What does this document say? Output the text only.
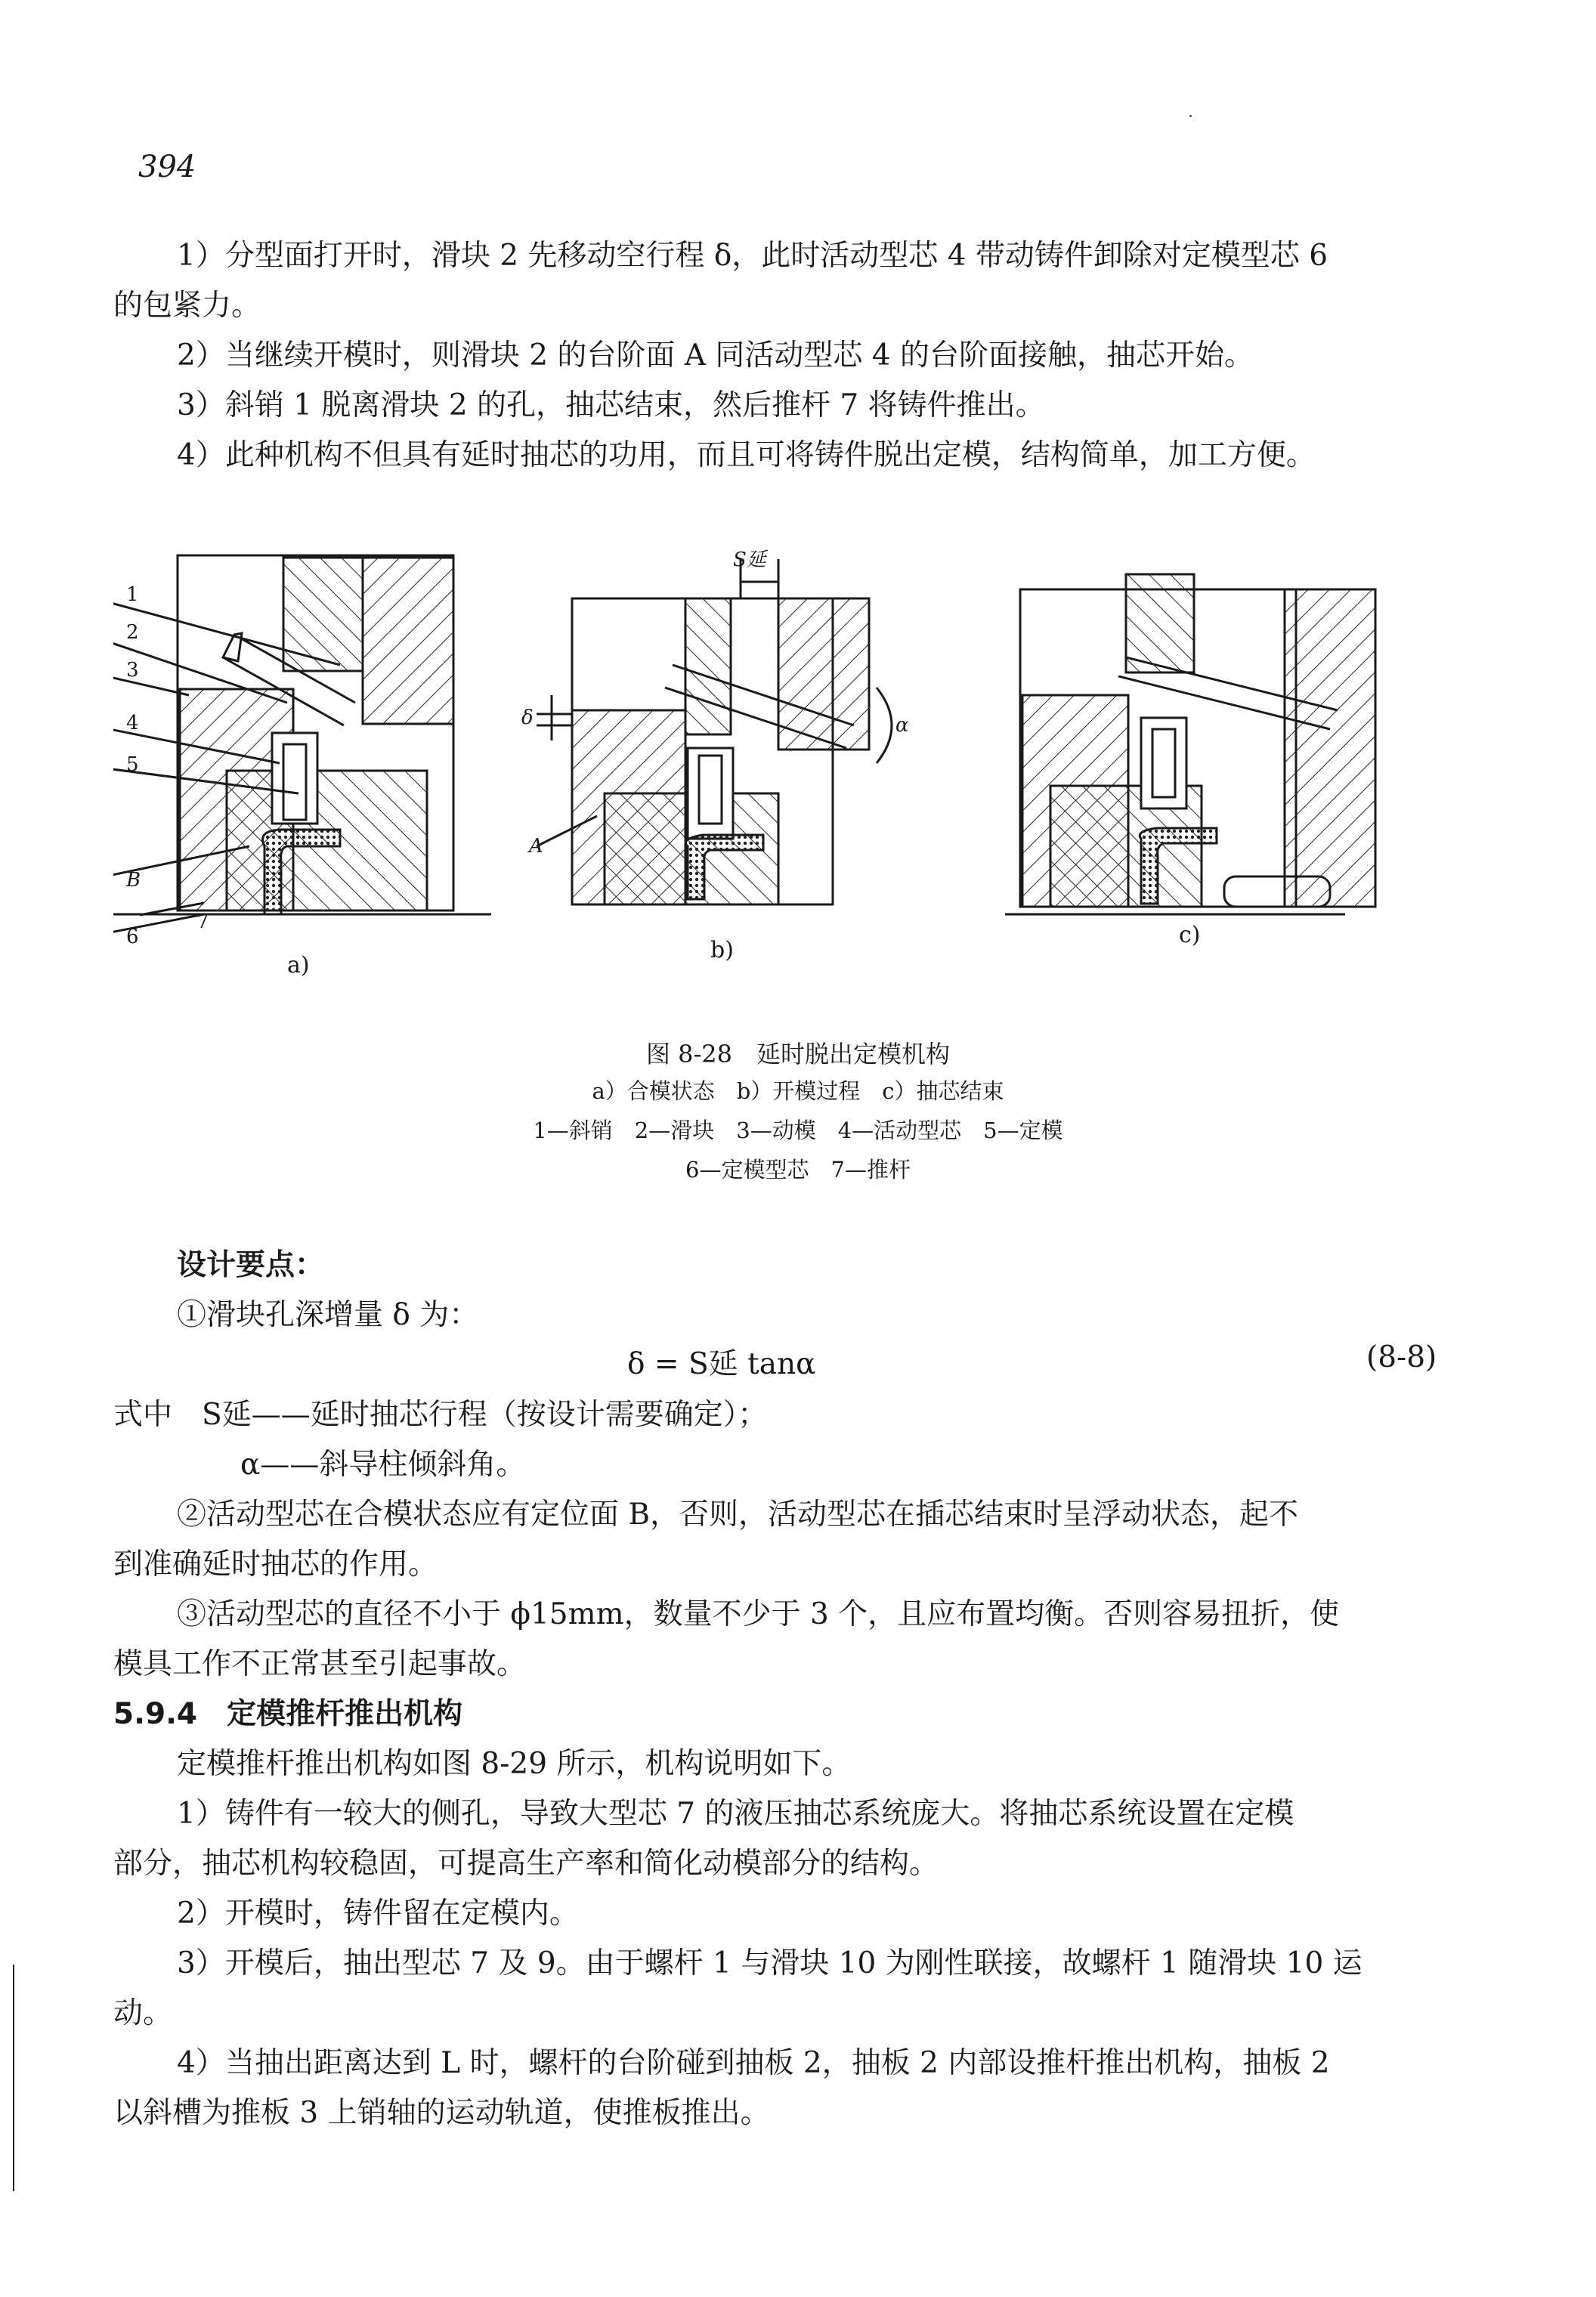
394
1）分型面打开时，滑块 2 先移动空行程 δ，此时活动型芯 4 带动铸件卸除对定模型芯 6
的包紧力。
2）当继续开模时，则滑块 2 的台阶面 A 同活动型芯 4 的台阶面接触，抽芯开始。
3）斜销 1 脱离滑块 2 的孔，抽芯结束，然后推杆 7 将铸件推出。
4）此种机构不但具有延时抽芯的功用，而且可将铸件脱出定模，结构简单，加工方便。
1
2
3
4
5
B
6
7
S延
δ
A
α
a)
b)
c)
图 8-28　延时脱出定模机构
a）合模状态　b）开模过程　c）抽芯结束
1—斜销　2—滑块　3—动模　4—活动型芯　5—定模
6—定模型芯　7—推杆
设计要点：
①滑块孔深增量 δ 为：
δ = S延 tanα	(8-8)
式中　S延——延时抽芯行程（按设计需要确定）；
α——斜导柱倾斜角。
②活动型芯在合模状态应有定位面 B，否则，活动型芯在插芯结束时呈浮动状态，起不
到准确延时抽芯的作用。
③活动型芯的直径不小于 ϕ15mm，数量不少于 3 个，且应布置均衡。否则容易扭折，使
模具工作不正常甚至引起事故。
5.9.4　 定模推杆推出机构
定模推杆推出机构如图 8-29 所示，机构说明如下。
1）铸件有一较大的侧孔，导致大型芯 7 的液压抽芯系统庞大。将抽芯系统设置在定模
部分，抽芯机构较稳固，可提高生产率和简化动模部分的结构。
2）开模时，铸件留在定模内。
3）开模后，抽出型芯 7 及 9。由于螺杆 1 与滑块 10 为刚性联接，故螺杆 1 随滑块 10 运
动。
4）当抽出距离达到 L 时，螺杆的台阶碰到抽板 2，抽板 2 内部设推杆推出机构，抽板 2
以斜槽为推板 3 上销轴的运动轨道，使推板推出。
